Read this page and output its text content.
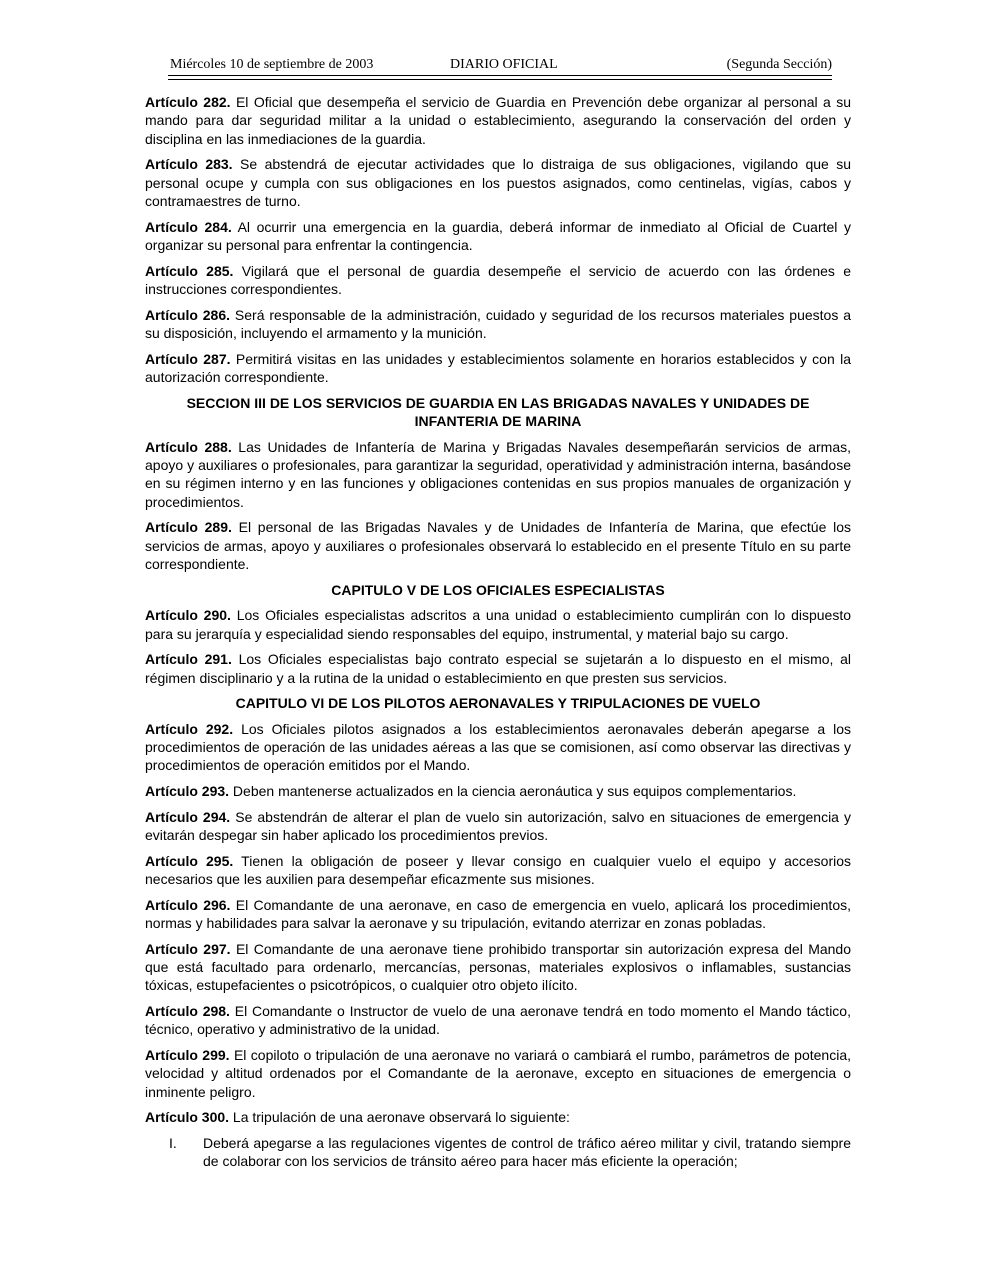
Miércoles 10 de septiembre de 2003	DIARIO OFICIAL	(Segunda Sección)

Artículo 282. El Oficial que desempeña el servicio de Guardia en Prevención debe organizar al personal a su mando para dar seguridad militar a la unidad o establecimiento, asegurando la conservación del orden y disciplina en las inmediaciones de la guardia.

Artículo 283. Se abstendrá de ejecutar actividades que lo distraiga de sus obligaciones, vigilando que su personal ocupe y cumpla con sus obligaciones en los puestos asignados, como centinelas, vigías, cabos y contramaestres de turno.

Artículo 284. Al ocurrir una emergencia en la guardia, deberá informar de inmediato al Oficial de Cuartel y organizar su personal para enfrentar la contingencia.

Artículo 285. Vigilará que el personal de guardia desempeñe el servicio de acuerdo con las órdenes e instrucciones correspondientes.

Artículo 286. Será responsable de la administración, cuidado y seguridad de los recursos materiales puestos a su disposición, incluyendo el armamento y la munición.

Artículo 287. Permitirá visitas en las unidades y establecimientos solamente en horarios establecidos y con la autorización correspondiente.

SECCION III DE LOS SERVICIOS DE GUARDIA EN LAS BRIGADAS NAVALES Y UNIDADES DE INFANTERIA DE MARINA

Artículo 288. Las Unidades de Infantería de Marina y Brigadas Navales desempeñarán servicios de armas, apoyo y auxiliares o profesionales, para garantizar la seguridad, operatividad y administración interna, basándose en su régimen interno y en las funciones y obligaciones contenidas en sus propios manuales de organización y procedimientos.

Artículo 289. El personal de las Brigadas Navales y de Unidades de Infantería de Marina, que efectúe los servicios de armas, apoyo y auxiliares o profesionales observará lo establecido en el presente Título en su parte correspondiente.

CAPITULO V DE LOS OFICIALES ESPECIALISTAS

Artículo 290. Los Oficiales especialistas adscritos a una unidad o establecimiento cumplirán con lo dispuesto para su jerarquía y especialidad siendo responsables del equipo, instrumental, y material bajo su cargo.

Artículo 291. Los Oficiales especialistas bajo contrato especial se sujetarán a lo dispuesto en el mismo, al régimen disciplinario y a la rutina de la unidad o establecimiento en que presten sus servicios.

CAPITULO VI DE LOS PILOTOS AERONAVALES Y TRIPULACIONES DE VUELO

Artículo 292. Los Oficiales pilotos asignados a los establecimientos aeronavales deberán apegarse a los procedimientos de operación de las unidades aéreas a las que se comisionen, así como observar las directivas y procedimientos de operación emitidos por el Mando.

Artículo 293. Deben mantenerse actualizados en la ciencia aeronáutica y sus equipos complementarios.

Artículo 294. Se abstendrán de alterar el plan de vuelo sin autorización, salvo en situaciones de emergencia y evitarán despegar sin haber aplicado los procedimientos previos.

Artículo 295. Tienen la obligación de poseer y llevar consigo en cualquier vuelo el equipo y accesorios necesarios que les auxilien para desempeñar eficazmente sus misiones.

Artículo 296. El Comandante de una aeronave, en caso de emergencia en vuelo, aplicará los procedimientos, normas y habilidades para salvar la aeronave y su tripulación, evitando aterrizar en zonas pobladas.

Artículo 297. El Comandante de una aeronave tiene prohibido transportar sin autorización expresa del Mando que está facultado para ordenarlo, mercancías, personas, materiales explosivos o inflamables, sustancias tóxicas, estupefacientes o psicotrópicos, o cualquier otro objeto ilícito.

Artículo 298. El Comandante o Instructor de vuelo de una aeronave tendrá en todo momento el Mando táctico, técnico, operativo y administrativo de la unidad.

Artículo 299. El copiloto o tripulación de una aeronave no variará o cambiará el rumbo, parámetros de potencia, velocidad y altitud ordenados por el Comandante de la aeronave, excepto en situaciones de emergencia o inminente peligro.

Artículo 300. La tripulación de una aeronave observará lo siguiente:

I. Deberá apegarse a las regulaciones vigentes de control de tráfico aéreo militar y civil, tratando siempre de colaborar con los servicios de tránsito aéreo para hacer más eficiente la operación;
